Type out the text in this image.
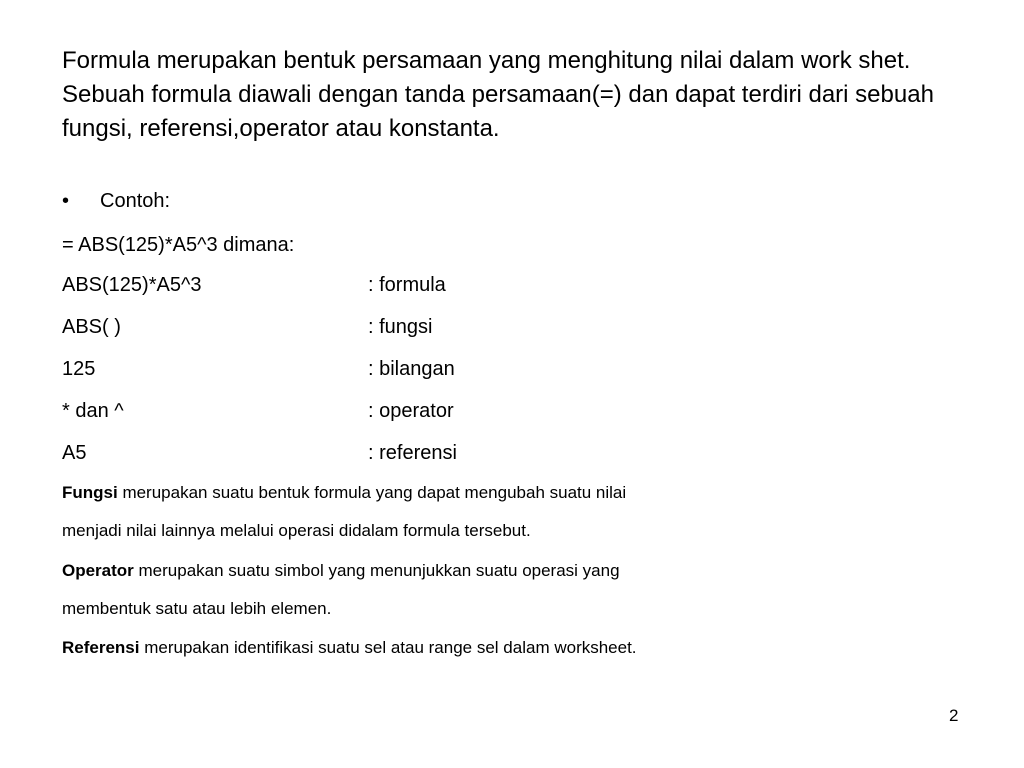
Formula merupakan bentuk persamaan yang menghitung nilai dalam work shet. Sebuah formula diawali dengan tanda persamaan(=) dan dapat terdiri dari sebuah fungsi, referensi,operator atau konstanta.

•	Contoh:

= ABS(125)*A5^3 dimana:

ABS(125)*A5^3	: formula
ABS( )	: fungsi
125	: bilangan
* dan ^	: operator
A5	: referensi

Fungsi merupakan suatu bentuk formula yang dapat mengubah suatu nilai

menjadi nilai lainnya melalui operasi didalam formula tersebut.

Operator merupakan suatu simbol yang menunjukkan suatu operasi yang

membentuk satu atau lebih elemen.

Referensi merupakan identifikasi suatu sel atau range sel dalam worksheet.

2
